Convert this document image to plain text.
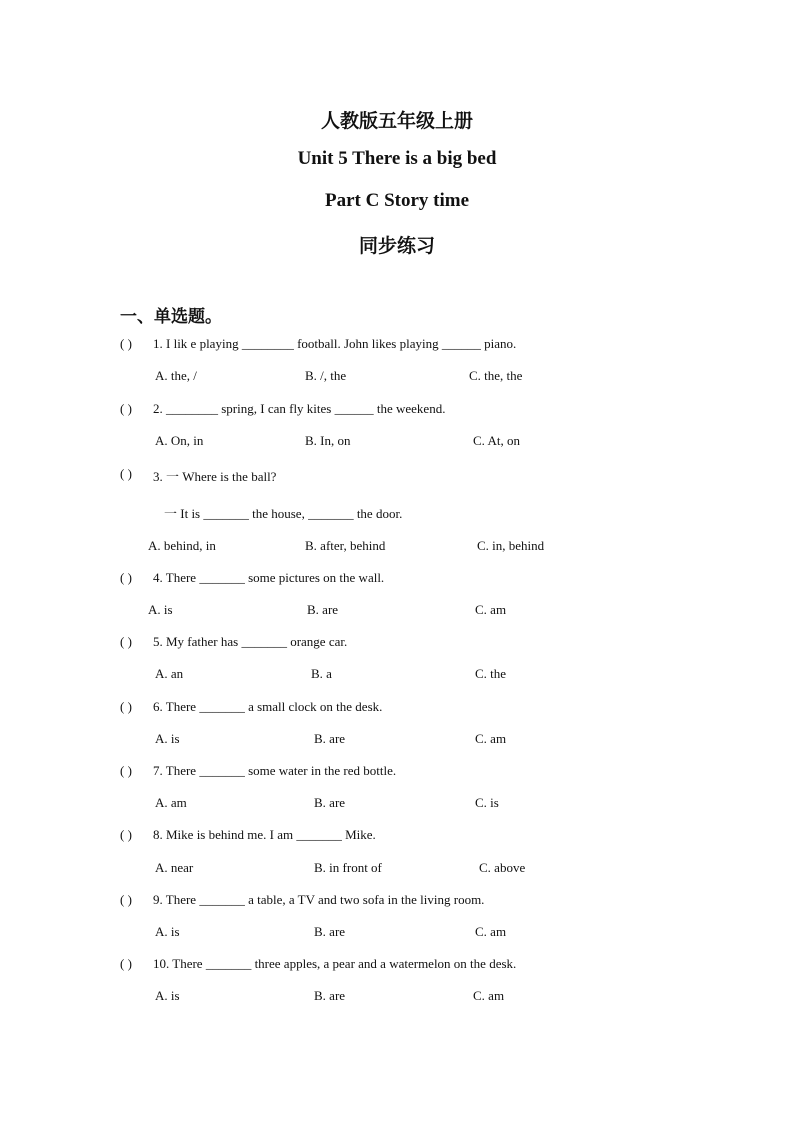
人教版五年级上册
Unit 5 There is a big bed
Part C Story time
同步练习
一、单选题。
( ) 1. I lik e playing ________ football. John likes playing ______ piano.
A. the, /	B. /, the	C. the, the
( ) 2. ________ spring, I can fly kites ______ the weekend.
A. On, in	B. In, on	C. At, on
( ) 3. 一 Where is the ball?
一 It is _______ the house, _______ the door.
A. behind, in	B. after, behind	C. in, behind
( ) 4. There _______ some pictures on the wall.
A. is	B. are	C. am
( ) 5. My father has _______ orange car.
A. an	B. a	C. the
( ) 6. There _______ a small clock on the desk.
A. is	B. are	C. am
( ) 7. There _______ some water in the red bottle.
A. am	B. are	C. is
( ) 8. Mike is behind me. I am _______ Mike.
A. near	B. in front of	C. above
( ) 9. There _______ a table, a TV and two sofa in the living room.
A. is	B. are	C. am
( ) 10. There _______ three apples, a pear and a watermelon on the desk.
A. is	B. are	C. am
